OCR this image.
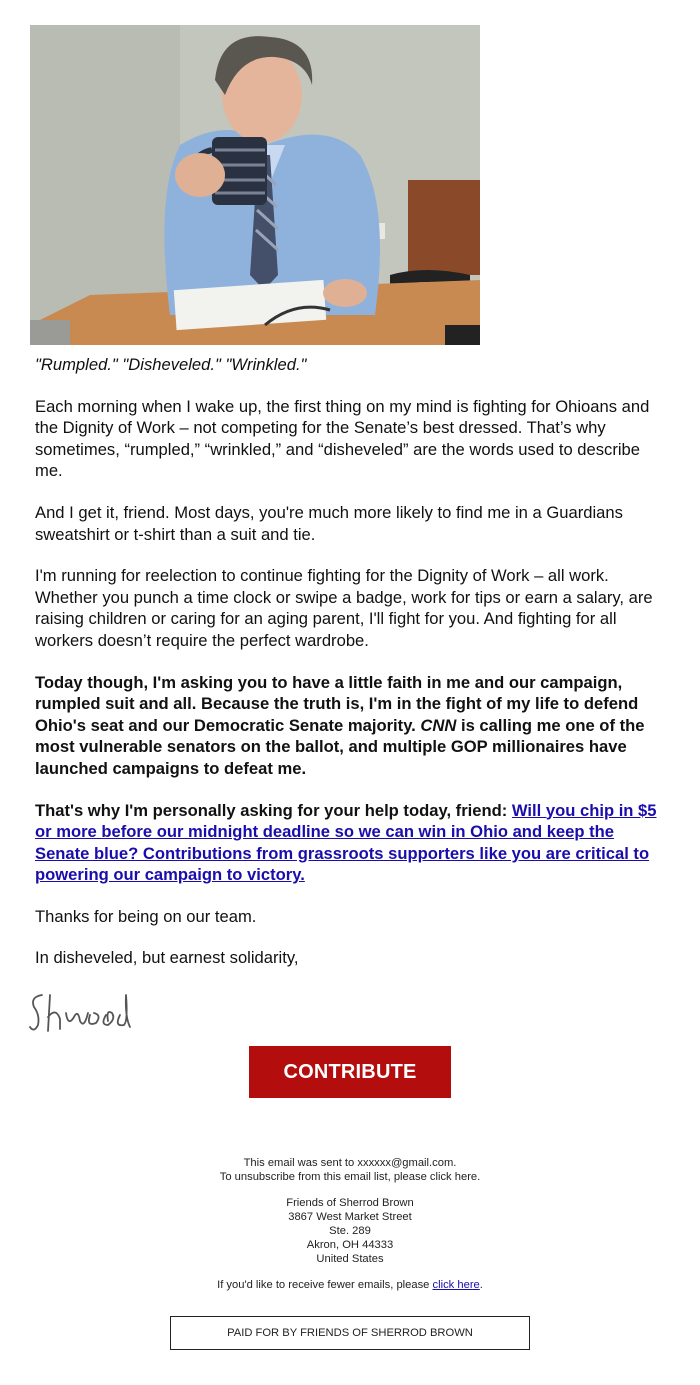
"Rumpled." "Disheveled." "Wrinkled."

Each morning when I wake up, the first thing on my mind is fighting for Ohioans and the Dignity of Work – not competing for the Senate’s best dressed. That’s why sometimes, “rumpled,” “wrinkled,” and “disheveled” are the words used to describe me.

And I get it, friend. Most days, you're much more likely to find me in a Guardians sweatshirt or t-shirt than a suit and tie.

I'm running for reelection to continue fighting for the Dignity of Work – all work. Whether you punch a time clock or swipe a badge, work for tips or earn a salary, are raising children or caring for an aging parent, I'll fight for you. And fighting for all workers doesn’t require the perfect wardrobe.

Today though, I'm asking you to have a little faith in me and our campaign, rumpled suit and all. Because the truth is, I'm in the fight of my life to defend Ohio's seat and our Democratic Senate majority. CNN is calling me one of the most vulnerable senators on the ballot, and multiple GOP millionaires have launched campaigns to defeat me.

That's why I'm personally asking for your help today, friend: Will you chip in $5 or more before our midnight deadline so we can win in Ohio and keep the Senate blue? Contributions from grassroots supporters like you are critical to powering our campaign to victory.

Thanks for being on our team.

In disheveled, but earnest solidarity,

CONTRIBUTE
This email was sent to xxxxxx@gmail.com.
To unsubscribe from this email list, please click here.
Friends of Sherrod Brown
3867 West Market Street
Ste. 289
Akron, OH 44333
United States
If you'd like to receive fewer emails, please click here.
PAID FOR BY FRIENDS OF SHERROD BROWN
